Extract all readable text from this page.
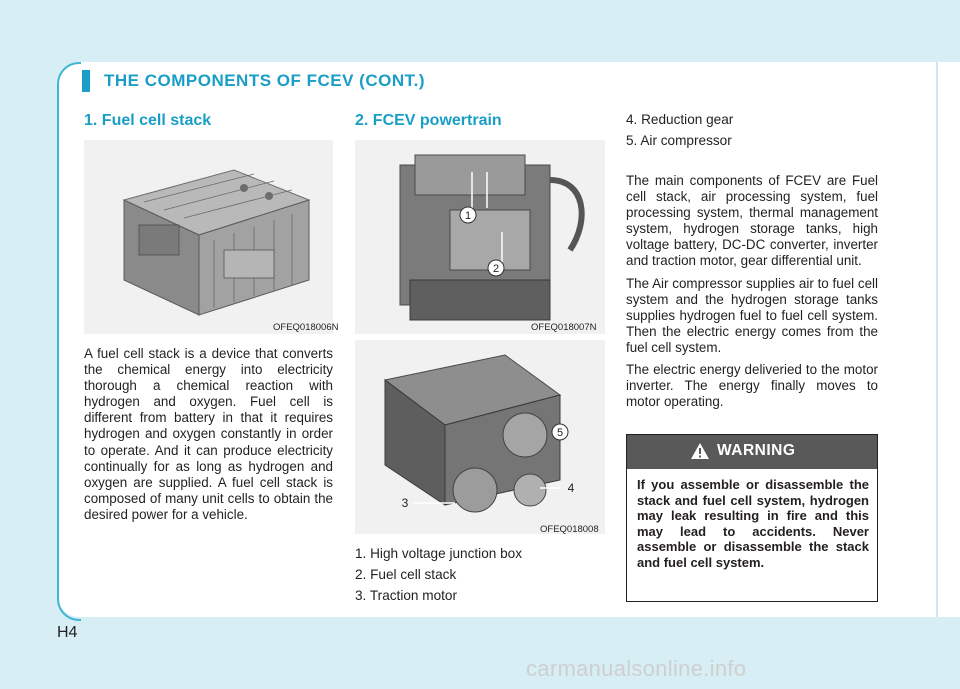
THE COMPONENTS OF FCEV (CONT.)
1. Fuel cell stack
OFEQ018006N
A fuel cell stack is a device that converts the chemical energy into electricity thorough a chemical reaction with hydrogen and oxygen. Fuel cell is different from battery in that it requires hydrogen and oxygen constantly in order to operate. And it can produce electricity continually for as long as hydrogen and oxygen are supplied. A fuel cell stack is composed of many unit cells to obtain the desired power for a vehicle.
2. FCEV powertrain
1
2
OFEQ018007N
5
3
4
OFEQ018008
1. High voltage junction box
2. Fuel cell stack
3. Traction motor
4. Reduction gear
5. Air compressor

The main components of FCEV are Fuel cell stack, air processing system, fuel processing system, thermal management system, hydrogen storage tanks, high voltage battery, DC-DC converter, inverter and traction motor, gear differential unit.

The Air compressor supplies air to fuel cell system and the hydrogen storage tanks supplies hydrogen fuel to fuel cell system. Then the electric energy comes from the fuel cell system.

The electric energy deliveried to the motor inverter. The energy finally moves to motor operating.

WARNING
If you assemble or disassemble the stack and fuel cell system, hydrogen may leak resulting in fire and this may lead to accidents. Never assemble or disassemble the stack and fuel cell system.
H4
carmanualsonline.info
